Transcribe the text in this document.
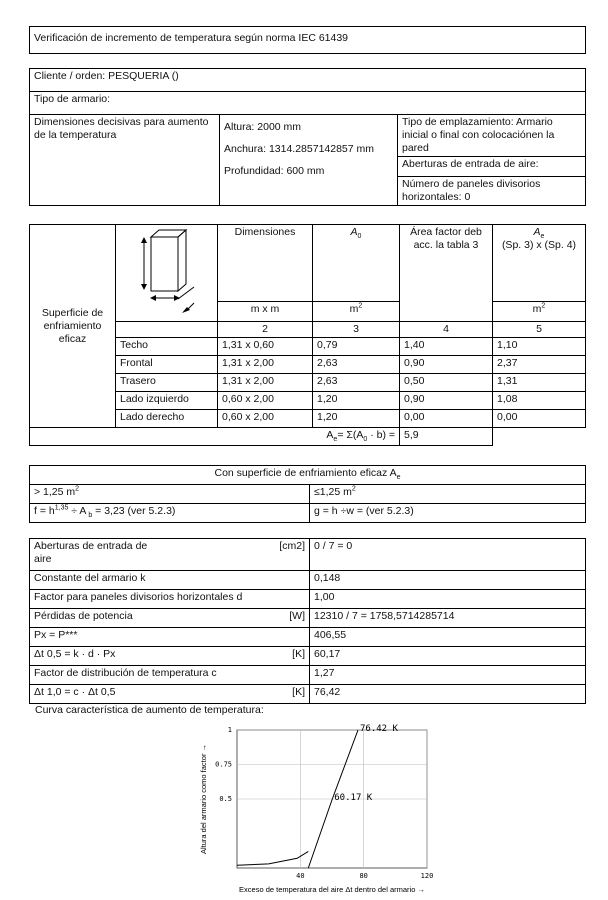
Verificación de incremento de temperatura según norma IEC 61439
Cliente / orden: PESQUERIA ()
Tipo de armario:
Dimensiones decisivas para aumento de la temperatura	
Altura: 2000 mm
Anchura: 1314.2857142857 mm
Profundidad: 600 mm
	Tipo de emplazamiento: Armario inicial o final con colocaciónen la pared
Aberturas de entrada de aire:
Número de paneles divisorios horizontales: 0
Superficie de enfriamiento eficaz		Dimensiones	$A_0$	Área factor deb acc. la tabla 3	$A_e$
(Sp. 3) x (Sp. 4)

		m x m	$m^2$		$m^2$
		2	3	4	5
	Techo	1,31 x 0,60	0,79	1,40	1,10
	Frontal	1,31 x 2,00	2,63	0,90	2,37
	Trasero	1,31 x 2,00	2,63	0,50	1,31
	Lado izquierdo	0,60 x 2,00	1,20	0,90	1,08
	Lado derecho	0,60 x 2,00	1,20	0,00	0,00
$A_e= \Sigma(A_0 \cdot b)$ =				5,9	
Con superficie de enfriamiento eficaz $A_e$
> 1,25 $m^2$	≤1,25 $m^2$
$f = h^{1,35} \div A$ $_b$ = 3,23 (ver 5.2.3)	g = h ÷w = (ver 5.2.3)
[cm2]
Aberturas de entrada de aire	0 / 7 = 0

Constante del armario k	0,148

Factor para paneles divisorios horizontales d	1,00

[W]
Pérdidas de potencia	12310 / 7 = 1758,5714285714

Px = P***	406,55

[K]
Δt 0,5 = k · d · Px	60,17

Factor de distribución de temperatura c	1,27

[K]
Δt 1,0 = c · Δt 0,5	76,42
Curva característica de aumento de temperatura:
40	80	120
1
0.75
0.5
76.42 K
60.17 K
Exceso de temperatura del aire Δt dentro del armario →
Altura del armario como factor →
